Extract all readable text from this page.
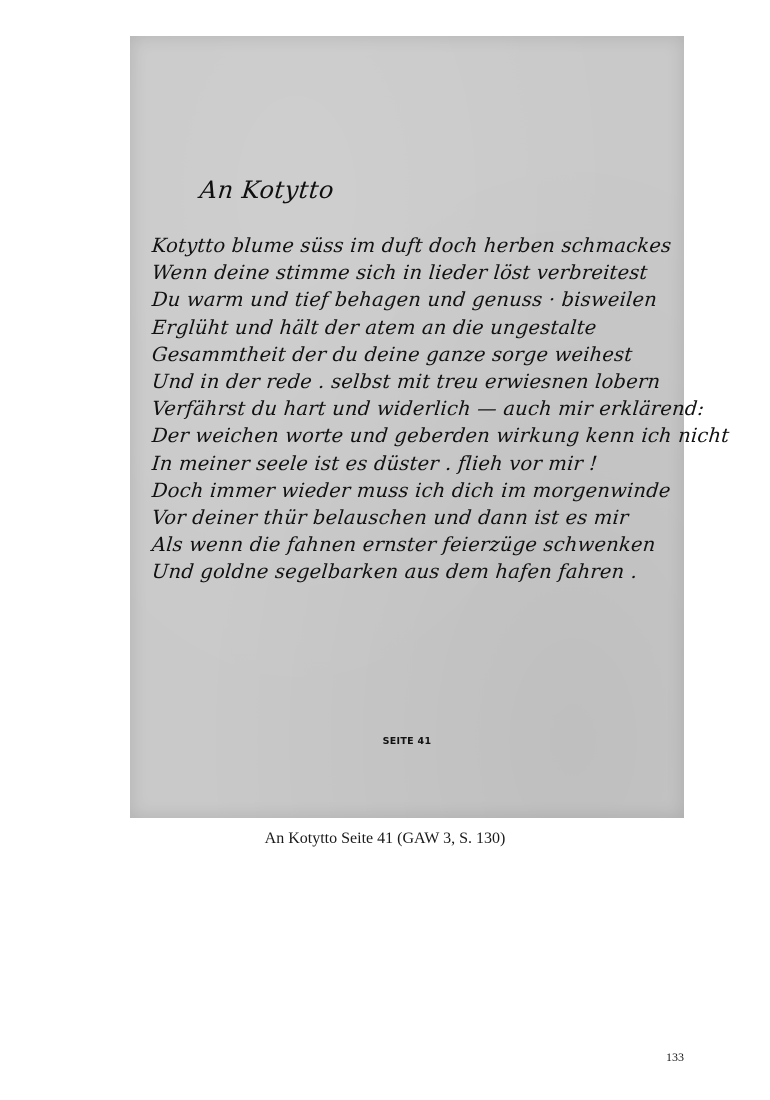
An Kotytto
Kotytto blume süss im duft doch herben schmackes
Wenn deine stimme sich in lieder löst verbreitest
Du warm und tief behagen und genuss · bisweilen
Erglüht und hält der atem an die ungestalte
Gesammtheit der du deine ganze sorge weihest
Und in der rede . selbst mit treu erwiesnen lobern
Verfährst du hart und widerlich — auch mir erklärend:
Der weichen worte und geberden wirkung kenn ich nicht
In meiner seele ist es düster . flieh vor mir !
Doch immer wieder muss ich dich im morgenwinde
Vor deiner thür belauschen und dann ist es mir
Als wenn die fahnen ernster feierzüge schwenken
Und goldne segelbarken aus dem hafen fahren .
SEITE 41
An Kotytto Seite 41 (GAW 3, S. 130)
133
